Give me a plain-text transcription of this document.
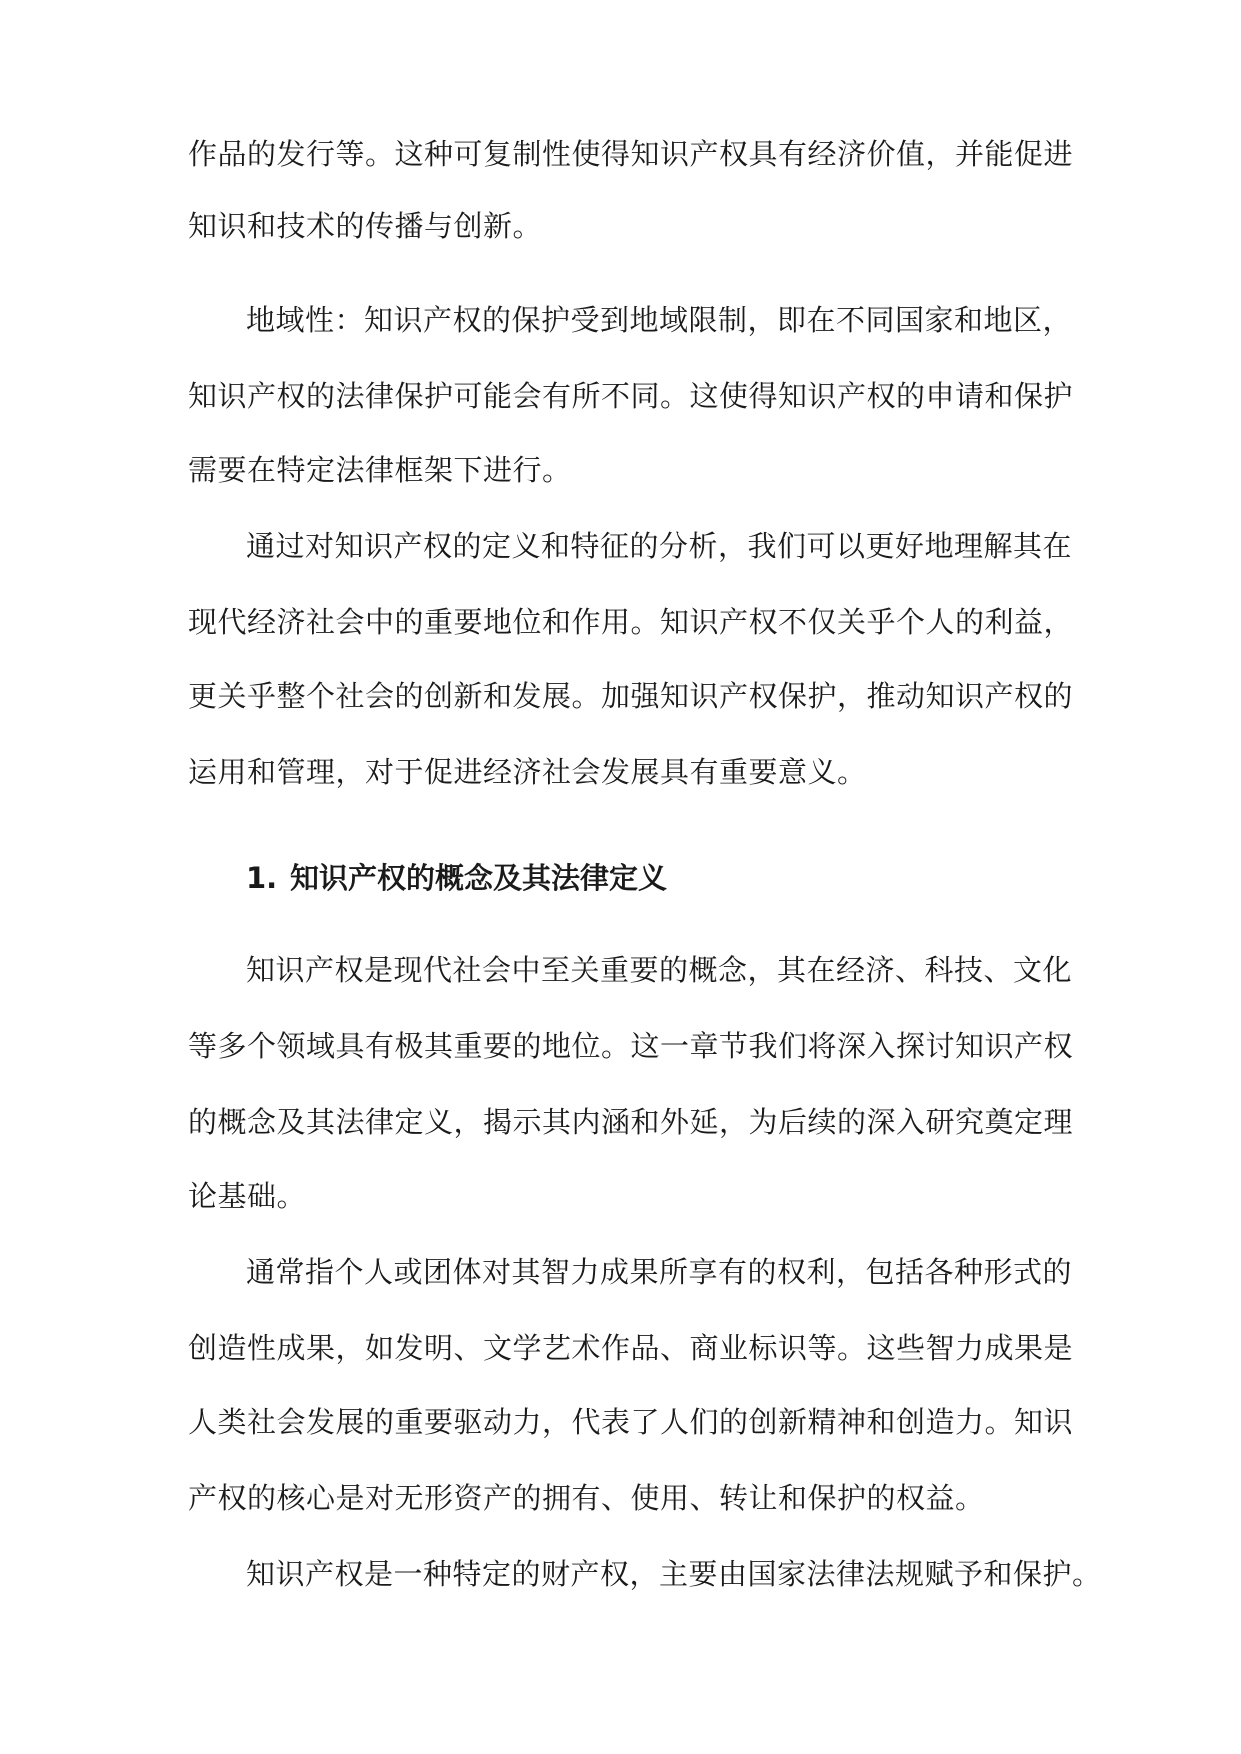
作品的发行等。这种可复制性使得知识产权具有经济价值，并能促进
知识和技术的传播与创新。
地域性：知识产权的保护受到地域限制，即在不同国家和地区，
知识产权的法律保护可能会有所不同。这使得知识产权的申请和保护
需要在特定法律框架下进行。
通过对知识产权的定义和特征的分析，我们可以更好地理解其在
现代经济社会中的重要地位和作用。知识产权不仅关乎个人的利益，
更关乎整个社会的创新和发展。加强知识产权保护，推动知识产权的
运用和管理，对于促进经济社会发展具有重要意义。
1. 知识产权的概念及其法律定义
知识产权是现代社会中至关重要的概念，其在经济、科技、文化
等多个领域具有极其重要的地位。这一章节我们将深入探讨知识产权
的概念及其法律定义，揭示其内涵和外延，为后续的深入研究奠定理
论基础。
通常指个人或团体对其智力成果所享有的权利，包括各种形式的
创造性成果，如发明、文学艺术作品、商业标识等。这些智力成果是
人类社会发展的重要驱动力，代表了人们的创新精神和创造力。知识
产权的核心是对无形资产的拥有、使用、转让和保护的权益。
知识产权是一种特定的财产权，主要由国家法律法规赋予和保护。
